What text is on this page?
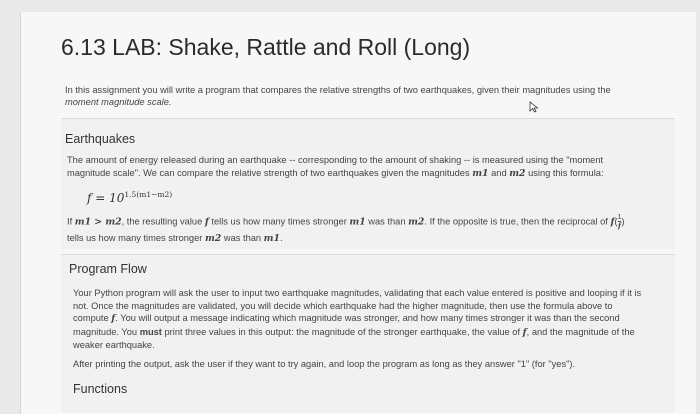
6.13 LAB: Shake, Rattle and Roll (Long)
In this assignment you will write a program that compares the relative strengths of two earthquakes, given their magnitudes using the
moment magnitude scale.
Earthquakes
The amount of energy released during an earthquake -- corresponding to the amount of shaking -- is measured using the "moment
magnitude scale". We can compare the relative strength of two earthquakes given the magnitudes m1 and m2 using this formula:
$f = 10^{1.5(m1-m2)}$
If m1 > m2, the resulting value f tells us how many times stronger m1 was than m2. If the opposite is true, then the reciprocal of $f( \frac{1}{f})$
tells us how many times stronger m2 was than m1.
Program Flow
Your Python program will ask the user to input two earthquake magnitudes, validating that each value entered is positive and looping if it is
not. Once the magnitudes are validated, you will decide which earthquake had the higher magnitude, then use the formula above to
compute f. You will output a message indicating which magnitude was stronger, and how many times stronger it was than the second
magnitude. You must print three values in this output: the magnitude of the stronger earthquake, the value of f, and the magnitude of the
weaker earthquake.
After printing the output, ask the user if they want to try again, and loop the program as long as they answer "1" (for "yes").
Functions
